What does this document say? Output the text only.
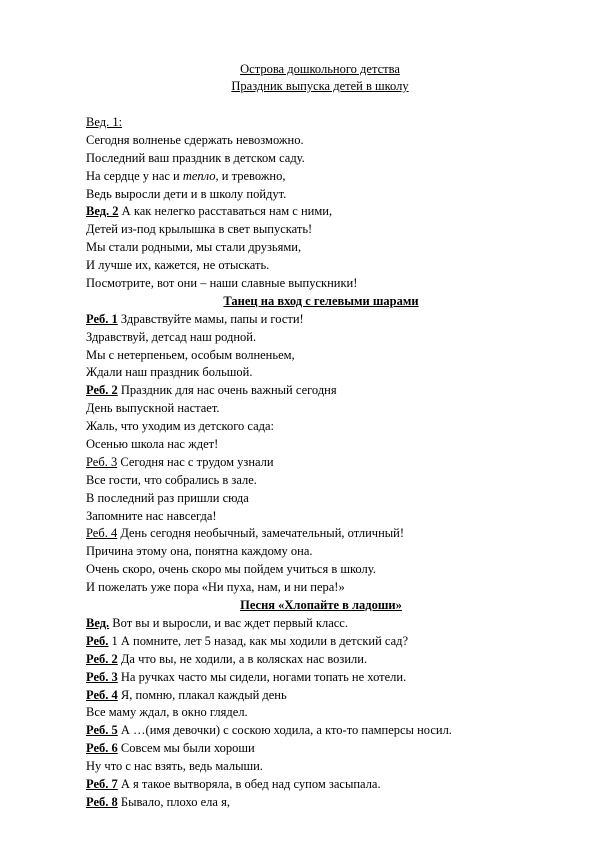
Острова дошкольного детства
Праздник выпуска детей в школу
Вед. 1:
Сегодня волненье сдержать невозможно.
Последний ваш праздник в детском саду.
На сердце у нас и тепло, и тревожно,
Ведь выросли дети и в школу пойдут.
Вед. 2 А как нелегко расставаться нам с ними,
Детей из-под крылышка в свет выпускать!
Мы стали родными, мы стали друзьями,
И лучше их, кажется, не отыскать.
Посмотрите, вот они – наши славные выпускники!
Танец на вход с гелевыми шарами
Реб. 1 Здравствуйте мамы, папы и гости!
Здравствуй, детсад наш родной.
Мы с нетерпеньем, особым волненьем,
Ждали наш праздник большой.
Реб. 2 Праздник для нас очень важный сегодня
День выпускной настает.
Жаль, что уходим из детского сада:
Осенью школа нас ждет!
Реб. 3 Сегодня нас с трудом узнали
Все гости, что собрались в зале.
В последний раз пришли сюда
Запомните нас навсегда!
Реб. 4 День сегодня необычный, замечательный, отличный!
Причина этому она, понятна каждому она.
Очень скоро, очень скоро мы пойдем учиться в школу.
И пожелать уже пора «Ни пуха, нам, и ни пера!»
Песня «Хлопайте в ладоши»
Вед. Вот вы и выросли, и вас ждет первый класс.
Реб. 1 А помните, лет 5 назад, как мы ходили в детский сад?
Реб. 2 Да что вы, не ходили, а в колясках нас возили.
Реб. 3 На ручках часто мы сидели, ногами топать не хотели.
Реб. 4 Я, помню, плакал каждый день
Все маму ждал, в окно глядел.
Реб. 5 А …(имя девочки) с соскою ходила, а кто-то памперсы носил.
Реб. 6 Совсем мы были хороши
Ну что с нас взять, ведь малыши.
Реб. 7 А я такое вытворяла, в обед над супом засыпала.
Реб. 8 Бывало, плохо ела я,
